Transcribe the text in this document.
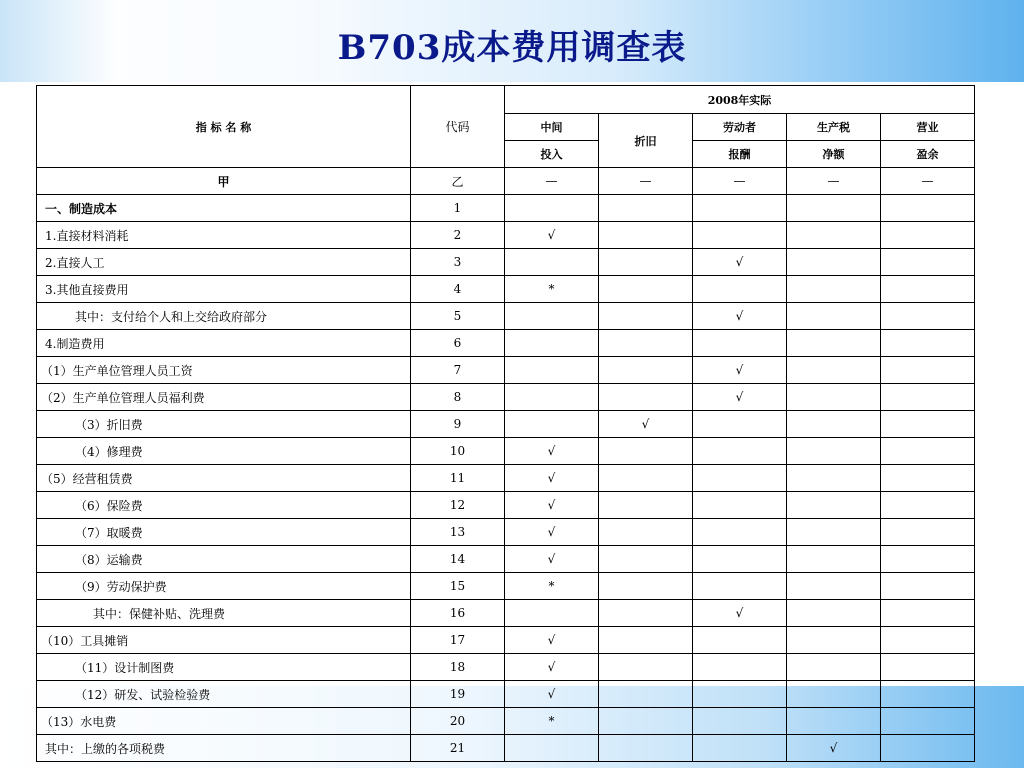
B703成本费用调查表
指 标 名 称	代码	2008年实际				
		中间	折旧	劳动者	生产税	营业
		投入		报酬	净额	盈余
甲	乙	—	—	—	—	—
一、制造成本	1					
1.直接材料消耗	2	√				
2.直接人工	3			√		
3.其他直接费用	4	*				
其中：支付给个人和上交给政府部分	5			√		
4.制造费用	6					
（1）生产单位管理人员工资	7			√		
（2）生产单位管理人员福利费	8			√		
（3）折旧费	9		√			
（4）修理费	10	√				
（5）经营租赁费	11	√				
（6）保险费	12	√				
（7）取暖费	13	√				
（8）运输费	14	√				
（9）劳动保护费	15	*				
其中：保健补贴、洗理费	16			√		
（10）工具摊销	17	√				
（11）设计制图费	18	√				
（12）研发、试验检验费	19	√				
（13）水电费	20	*				
其中：上缴的各项税费	21				√	
